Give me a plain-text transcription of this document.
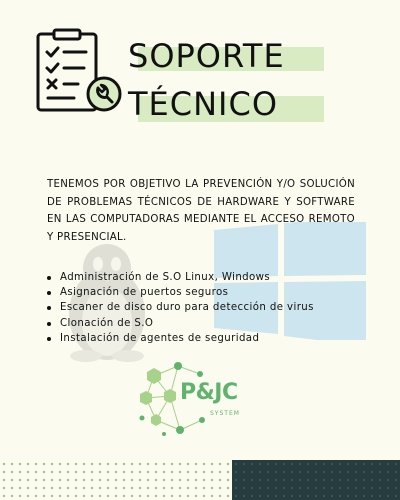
SOPORTE
TÉCNICO

TENEMOS POR OBJETIVO LA PREVENCIÓN Y/O SOLUCIÓN DE PROBLEMAS TÉCNICOS DE HARDWARE Y SOFTWARE EN LAS COMPUTADORAS MEDIANTE EL ACCESO REMOTO Y PRESENCIAL.

Administración de S.O Linux, Windows
Asignación de puertos seguros
Escaner de disco duro para detección de virus
Clonación de S.O
Instalación de agentes de seguridad
P&JC
SYSTEM
